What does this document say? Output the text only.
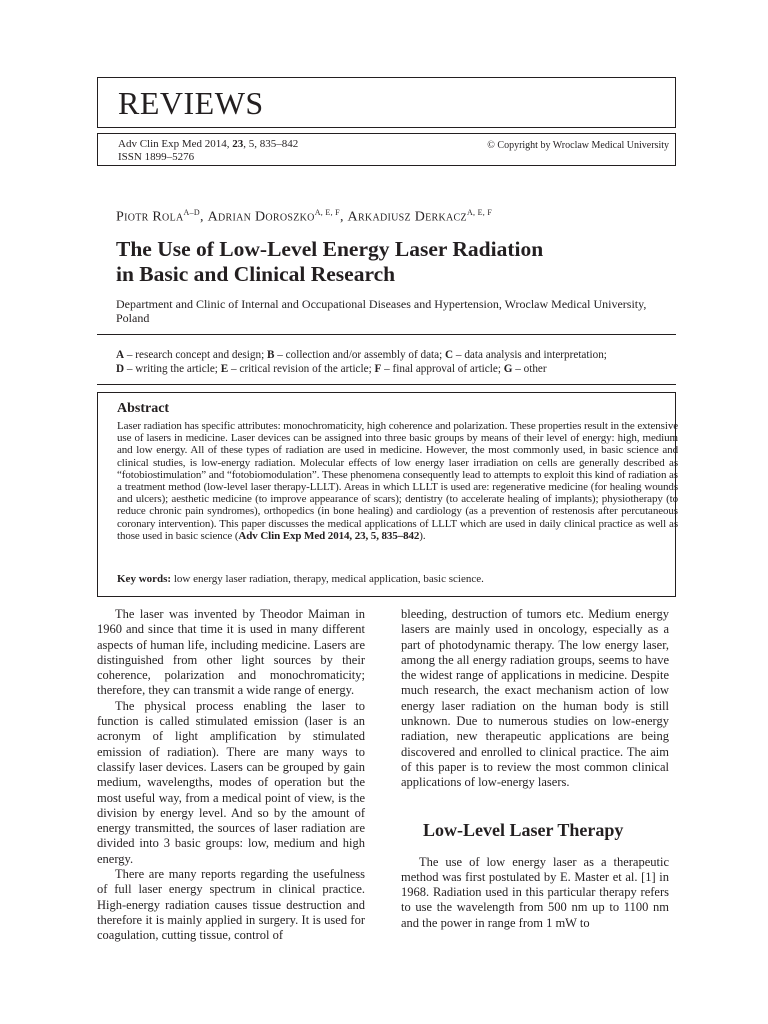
REVIEWS
Adv Clin Exp Med 2014, 23, 5, 835–842
ISSN 1899–5276
© Copyright by Wroclaw Medical University
Piotr Rola$^{A-D}$, Adrian Doroszko$^{A, E, F}$, Arkadiusz Derkacz$^{A, E, F}$
The Use of Low-Level Energy Laser Radiation
in Basic and Clinical Research
Department and Clinic of Internal and Occupational Diseases and Hypertension, Wroclaw Medical University, Poland
A – research concept and design; B – collection and/or assembly of data; C – data analysis and interpretation;
D – writing the article; E – critical revision of the article; F – final approval of article; G – other
Abstract
Laser radiation has specific attributes: monochromaticity, high coherence and polarization. These properties result in the extensive use of lasers in medicine. Laser devices can be assigned into three basic groups by means of their level of energy: high, medium and low energy. All of these types of radiation are used in medicine. However, the most commonly used, in basic science and clinical studies, is low-energy radiation. Molecular effects of low energy laser irradiation on cells are generally described as “fotobiostimulation” and “fotobiomodulation”. These phenomena consequently lead to attempts to exploit this kind of radiation as a treatment method (low-level laser therapy-LLLT). Areas in which LLLT is used are: regenerative medicine (for healing wounds and ulcers); aesthetic medicine (to improve appearance of scars); dentistry (to accelerate healing of implants); physiotherapy (to reduce chronic pain syndromes), orthopedics (in bone healing) and cardiology (as a prevention of restenosis after percutaneous coronary intervention). This paper discusses the medical applications of LLLT which are used in daily clinical practice as well as those used in basic science (Adv Clin Exp Med 2014, 23, 5, 835–842).
Key words: low energy laser radiation, therapy, medical application, basic science.

The laser was invented by Theodor Maiman in 1960 and since that time it is used in many different aspects of human life, including medicine. Lasers are distinguished from other light sources by their coherence, polarization and monochromaticity; therefore, they can transmit a wide range of energy.

The physical process enabling the laser to function is called stimulated emission (laser is an acronym of light amplification by stimulated emission of radiation). There are many ways to classify laser devices. Lasers can be grouped by gain medium, wavelengths, modes of operation but the most useful way, from a medical point of view, is the division by energy level. And so by the amount of energy transmitted, the sources of laser radiation are divided into 3 basic groups: low, medium and high energy.

There are many reports regarding the usefulness of full laser energy spectrum in clinical practice. High-energy radiation causes tissue destruction and therefore it is mainly applied in surgery. It is used for coagulation, cutting tissue, control of

bleeding, destruction of tumors etc. Medium energy lasers are mainly used in oncology, especially as a part of photodynamic therapy. The low energy laser, among the all energy radiation groups, seems to have the widest range of applications in medicine. Despite much research, the exact mechanism action of low energy laser radiation on the human body is still unknown. Due to numerous studies on low-energy radiation, new therapeutic applications are being discovered and enrolled to clinical practice. The aim of this paper is to review the most common clinical applications of low-energy lasers.

Low-Level Laser Therapy

The use of low energy laser as a therapeutic method was first postulated by E. Master et al. [1] in 1968. Radiation used in this particular therapy refers to use the wavelength from 500 nm up to 1100 nm and the power in range from 1 mW to
